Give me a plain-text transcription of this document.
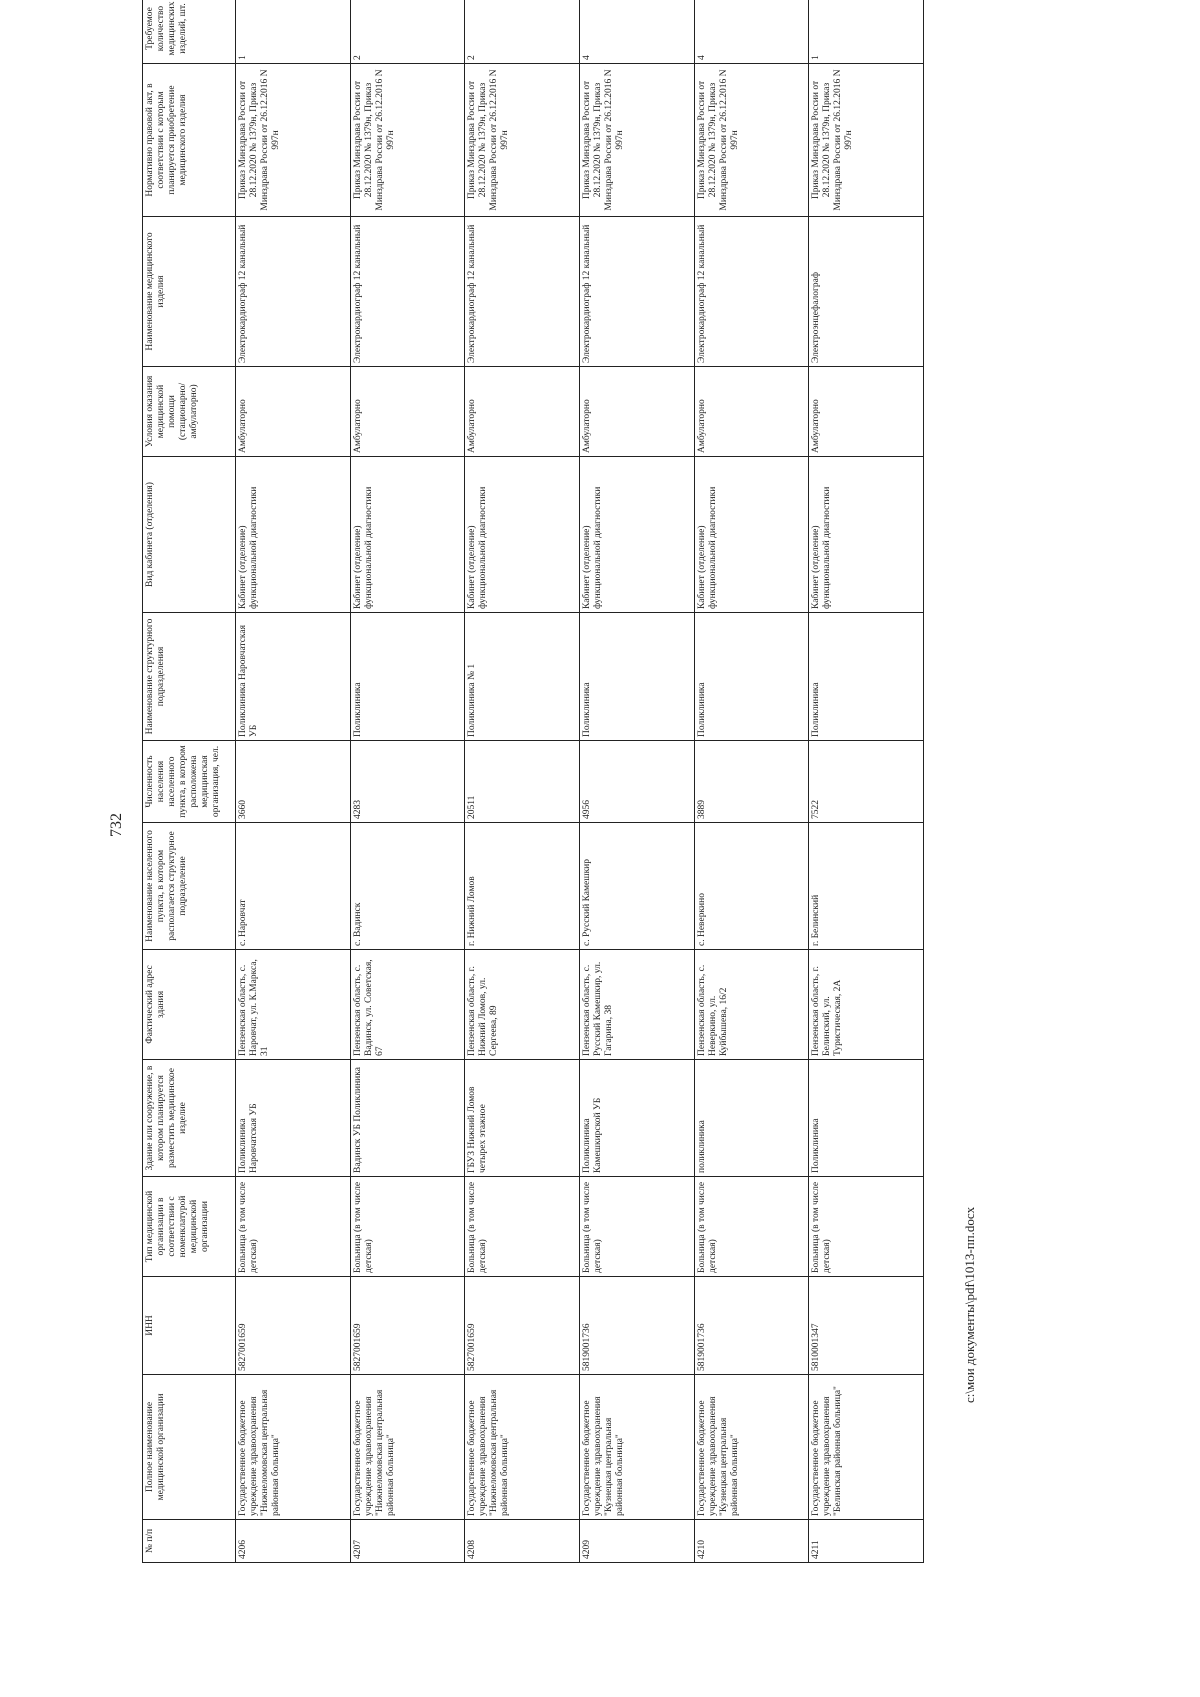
732
№ п/п	Полное наименование медицинской организации	ИНН	Тип медицинской организации в соответствии с номенклатурой медицинской организации	Здание или сооружение, в котором планируется разместить медицинское изделие	Фактический адрес здания	Наименование населенного пункта, в котором располагается структурное подразделение	Численность населения населенного пункта, в котором расположена медицинская организация, чел.	Наименование структурного подразделения	Вид кабинета (отделения)	Условия оказания медицинской помощи (стационарно/ амбулаторно)	Наименование медицинского изделия	Нормативно правовой акт, в соответствии с которым планируется приобретение медицинского изделия	Требуемое количество медицинских изделий, шт.	
4206	Государственное бюджетное учреждение здравоохранения "Нижнеломовская центральная районная больница"	5827001659	Больница (в том числе детская)	Поликлиника Наровчатская УБ	Пензенская область, с. Наровчат, ул. К.Маркса, 31	с. Наровчат	3660	Поликлиника Наровчатская УБ	Кабинет (отделение) функциональной диагностики	Амбулаторно	Электрокардиограф 12 канальный	Приказ Минздрава России от 28.12.2020 № 1379н, Приказ Минздрава России от 26.12.2016 N 997н	1	
4207	Государственное бюджетное учреждение здравоохранения "Нижнеломовская центральная районная больница"	5827001659	Больница (в том числе детская)	Вадинск УБ Поликлиника	Пензенская область, с. Вадинск, ул. Советская, 67	с. Вадинск	4283	Поликлиника	Кабинет (отделение) функциональной диагностики	Амбулаторно	Электрокардиограф 12 канальный	Приказ Минздрава России от 28.12.2020 № 1379н, Приказ Минздрава России от 26.12.2016 N 997н	2	
4208	Государственное бюджетное учреждение здравоохранения "Нижнеломовская центральная районная больница"	5827001659	Больница (в том числе детская)	ГБУЗ Нижний Ломов четырех этажное	Пензенская область, г. Нижний Ломов, ул. Сергеева, 89	г. Нижний Ломов	20511	Поликлиника № 1	Кабинет (отделение) функциональной диагностики	Амбулаторно	Электрокардиограф 12 канальный	Приказ Минздрава России от 28.12.2020 № 1379н, Приказ Минздрава России от 26.12.2016 N 997н	2	
4209	Государственное бюджетное учреждение здравоохранения "Кузнецкая центральная районная больница"	5819001736	Больница (в том числе детская)	Поликлиника Камешкирской УБ	Пензенская область, с. Русский Камешкир, ул. Гагарина, 38	с. Русский Камешкир	4956	Поликлиника	Кабинет (отделение) функциональной диагностики	Амбулаторно	Электрокардиограф 12 канальный	Приказ Минздрава России от 28.12.2020 № 1379н, Приказ Минздрава России от 26.12.2016 N 997н	4	
4210	Государственное бюджетное учреждение здравоохранения "Кузнецкая центральная районная больница"	5819001736	Больница (в том числе детская)	поликлиника	Пензенская область, с. Неверкино, ул. Куйбышева, 16/2	с. Неверкино	3889	Поликлиника	Кабинет (отделение) функциональной диагностики	Амбулаторно	Электрокардиограф 12 канальный	Приказ Минздрава России от 28.12.2020 № 1379н, Приказ Минздрава России от 26.12.2016 N 997н	4	
4211	Государственное бюджетное учреждение здравоохранения "Белинская районная больница"	5810001347	Больница (в том числе детская)	Поликлиника	Пензенская область, г. Белинский, ул. Туристическая, 2А	г. Белинский	7522	Поликлиника	Кабинет (отделение) функциональной диагностики	Амбулаторно	Электроэнцефалограф	Приказ Минздрава России от 28.12.2020 № 1379н, Приказ Минздрава России от 26.12.2016 N 997н	1	
c:\мои документы\pdf\1013-пп.docx
